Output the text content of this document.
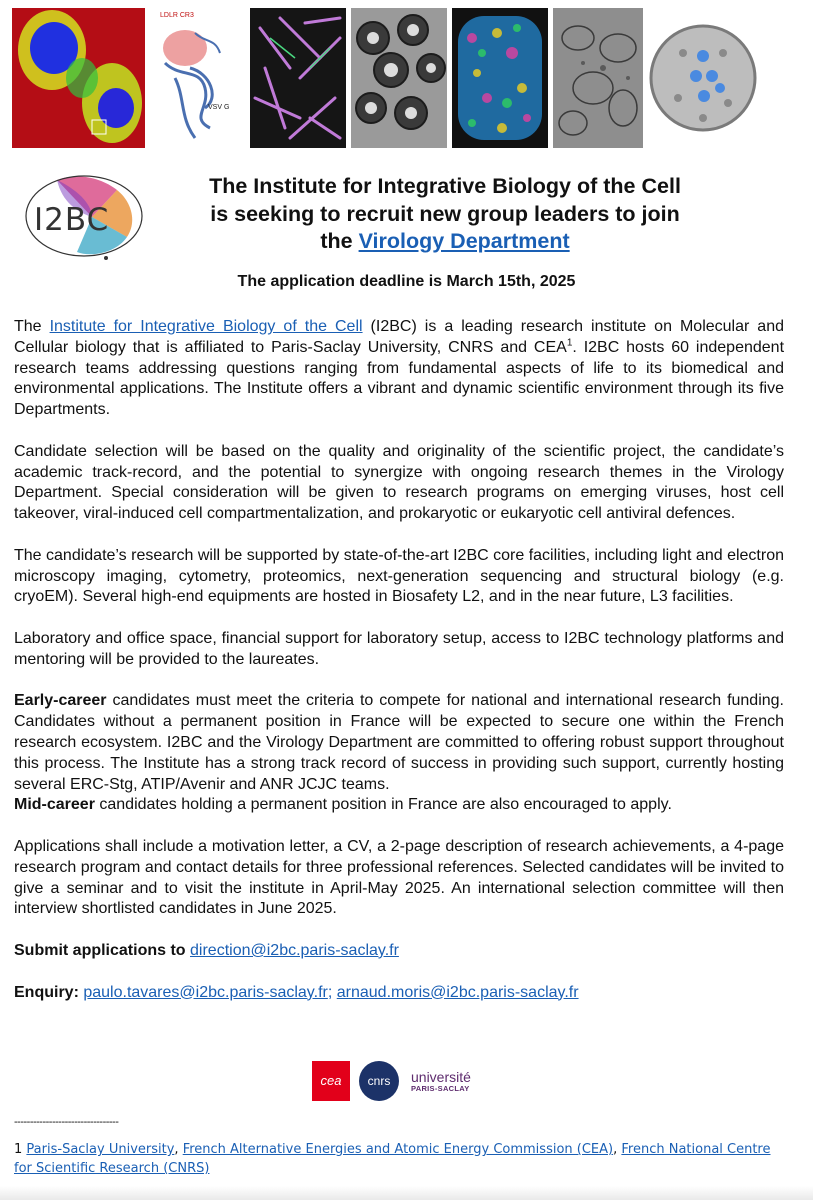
LDLR CR3
VSV G
I2BC
The Institute for Integrative Biology of the Cell
is seeking to recruit new group leaders to join
the Virology Department
The application deadline is March 15th, 2025

The Institute for Integrative Biology of the Cell (I2BC) is a leading research institute on Molecular and Cellular biology that is affiliated to Paris-Saclay University, CNRS and CEA$^1$. I2BC hosts 60 independent research teams addressing questions ranging from fundamental aspects of life to its biomedical and environmental applications. The Institute offers a vibrant and dynamic scientific environment through its five Departments.

Candidate selection will be based on the quality and originality of the scientific project, the candidate’s academic track-record, and the potential to synergize with ongoing research themes in the Virology Department. Special consideration will be given to research programs on emerging viruses, host cell takeover, viral-induced cell compartmentalization, and prokaryotic or eukaryotic cell antiviral defences.

The candidate’s research will be supported by state-of-the-art I2BC core facilities, including light and electron microscopy imaging, cytometry, proteomics, next-generation sequencing and structural biology (e.g. cryoEM). Several high-end equipments are hosted in Biosafety L2, and in the near future, L3 facilities.

Laboratory and office space, financial support for laboratory setup, access to I2BC technology platforms and mentoring will be provided to the laureates.

Early-career candidates must meet the criteria to compete for national and international research funding. Candidates without a permanent position in France will be expected to secure one within the French research ecosystem. I2BC and the Virology Department are committed to offering robust support throughout this process. The Institute has a strong track record of success in providing such support, currently hosting several ERC-Stg, ATIP/Avenir and ANR JCJC teams.
Mid-career candidates holding a permanent position in France are also encouraged to apply.

Applications shall include a motivation letter, a CV, a 2-page description of research achievements, a 4-page research program and contact details for three professional references. Selected candidates will be invited to give a seminar and to visit the institute in April-May 2025. An international selection committee will then interview shortlisted candidates in June 2025.

Submit applications to direction@i2bc.paris-saclay.fr

Enquiry: paulo.tavares@i2bc.paris-saclay.fr; arnaud.moris@i2bc.paris-saclay.fr

cea	cnrs	université
PARIS-SACLAY
---------------------------------
1 Paris-Saclay University, French Alternative Energies and Atomic Energy Commission (CEA), French National Centre for Scientific Research (CNRS)
